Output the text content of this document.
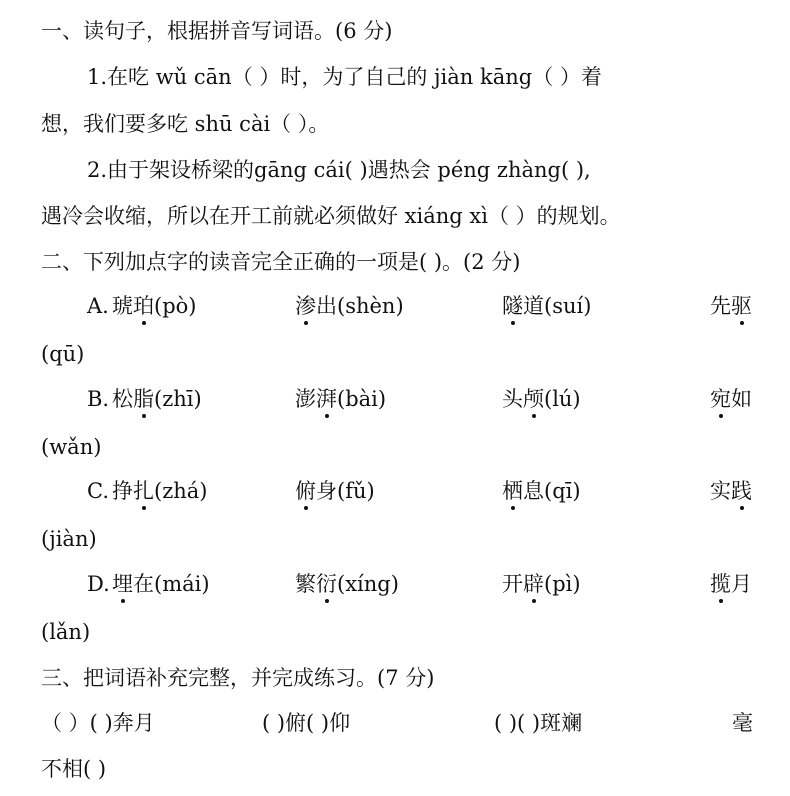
一、读句子，根据拼音写词语。(6 分)
1.在吃 wǔ cān（ ）时，为了自己的 jiàn kāng（ ）着
想，我们要多吃 shū cài（ ）。
2.由于架设桥梁的gāng cái( )遇热会 péng zhàng( ),
遇冷会收缩，所以在开工前就必须做好 xiáng xì（ ）的规划。
二、下列加点字的读音完全正确的一项是( )。(2 分)
A. 琥珀(pò)	渗出(shèn)	隧道(suí)	先驱
(qū)
B. 松脂(zhī)	澎湃(bài)	头颅(lú)	宛如
(wǎn)
C. 挣扎(zhá)	俯身(fǔ)	栖息(qī)	实践
(jiàn)
D. 埋在(mái)	繁衍(xíng)	开辟(pì)	揽月
(lǎn)
三、把词语补充完整，并完成练习。(7 分)
（ ）( )奔月	( )俯( )仰	( )( )斑斓	毫
不相( )
